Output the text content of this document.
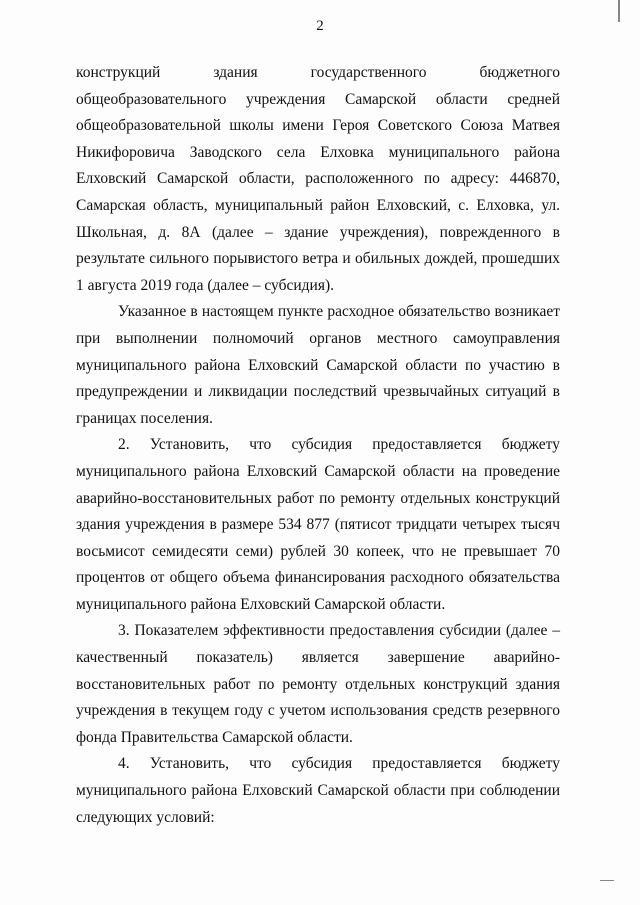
2

конструкций здания государственного бюджетного общеобразовательного учреждения Самарской области средней общеобразовательной школы имени Героя Советского Союза Матвея Никифоровича Заводского села Елховка муниципального района Елховский Самарской области, расположенного по адресу: 446870, Самарская область, муниципальный район Елховский, с. Елховка, ул. Школьная, д. 8А (далее – здание учреждения), поврежденного в результате сильного порывистого ветра и обильных дождей, прошедших 1 августа 2019 года (далее – субсидия).

Указанное в настоящем пункте расходное обязательство возникает при выполнении полномочий органов местного самоуправления муниципального района Елховский Самарской области по участию в предупреждении и ликвидации последствий чрезвычайных ситуаций в границах поселения.

2. Установить, что субсидия предоставляется бюджету муниципального района Елховский Самарской области на проведение аварийно-восстановительных работ по ремонту отдельных конструкций здания учреждения в размере 534 877 (пятисот тридцати четырех тысяч восьмисот семидесяти семи) рублей 30 копеек, что не превышает 70 процентов от общего объема финансирования расходного обязательства муниципального района Елховский Самарской области.

3. Показателем эффективности предоставления субсидии (далее – качественный показатель) является завершение аварийно-восстановительных работ по ремонту отдельных конструкций здания учреждения в текущем году с учетом использования средств резервного фонда Правительства Самарской области.

4. Установить, что субсидия предоставляется бюджету муниципального района Елховский Самарской области при соблюдении следующих условий:
